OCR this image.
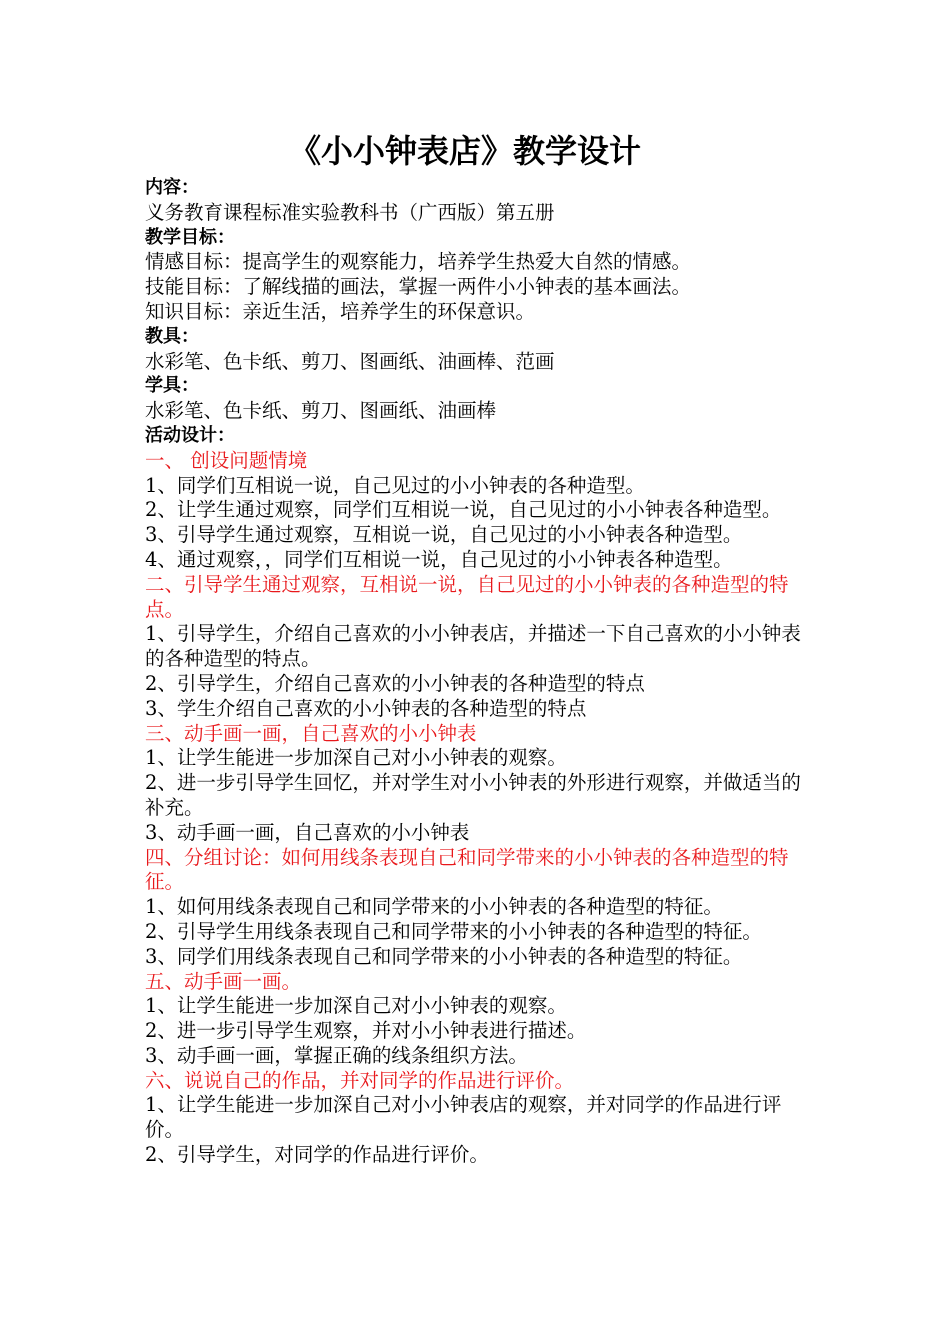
《小小钟表店》教学设计
内容：
义务教育课程标准实验教科书（广西版）第五册
教学目标：
情感目标：提高学生的观察能力，培养学生热爱大自然的情感。
技能目标：了解线描的画法，掌握一两件小小钟表的基本画法。
知识目标：亲近生活，培养学生的环保意识。
教具：
水彩笔、色卡纸、剪刀、图画纸、油画棒、范画
学具：
水彩笔、色卡纸、剪刀、图画纸、油画棒
活动设计：
一、 创设问题情境
1、同学们互相说一说，自己见过的小小钟表的各种造型。
2、让学生通过观察，同学们互相说一说，自己见过的小小钟表各种造型。
3、引导学生通过观察，互相说一说，自己见过的小小钟表各种造型。
4、通过观察，，同学们互相说一说，自己见过的小小钟表各种造型。
二、引导学生通过观察，互相说一说，自己见过的小小钟表的各种造型的特点。
1、引导学生，介绍自己喜欢的小小钟表店，并描述一下自己喜欢的小小钟表的各种造型的特点。
2、引导学生，介绍自己喜欢的小小钟表的各种造型的特点
3、学生介绍自己喜欢的小小钟表的各种造型的特点
三、动手画一画，自己喜欢的小小钟表
1、让学生能进一步加深自己对小小钟表的观察。
2、进一步引导学生回忆，并对学生对小小钟表的外形进行观察，并做适当的补充。
3、动手画一画，自己喜欢的小小钟表
四、分组讨论：如何用线条表现自己和同学带来的小小钟表的各种造型的特征。
1、如何用线条表现自己和同学带来的小小钟表的各种造型的特征。
2、引导学生用线条表现自己和同学带来的小小钟表的各种造型的特征。
3、同学们用线条表现自己和同学带来的小小钟表的各种造型的特征。
五、动手画一画。
1、让学生能进一步加深自己对小小钟表的观察。
2、进一步引导学生观察，并对小小钟表进行描述。
3、动手画一画，掌握正确的线条组织方法。
六、说说自己的作品，并对同学的作品进行评价。
1、让学生能进一步加深自己对小小钟表店的观察，并对同学的作品进行评价。
2、引导学生，对同学的作品进行评价。
